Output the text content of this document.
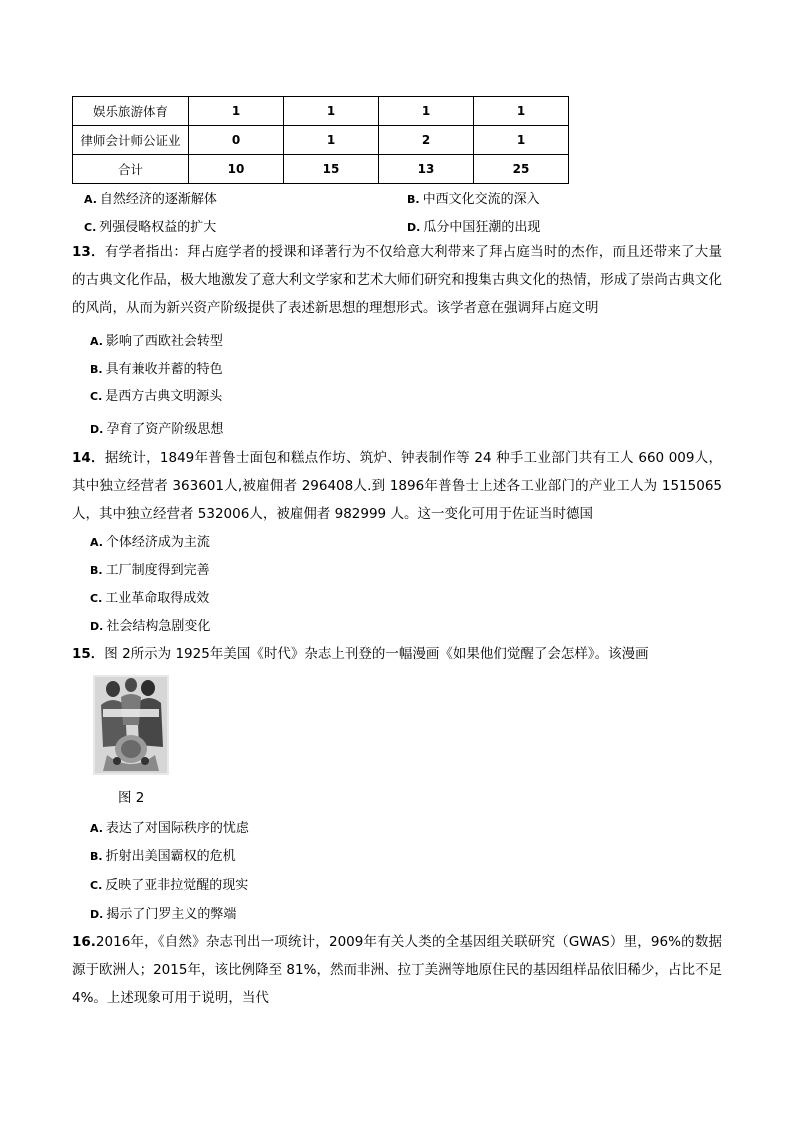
娱乐旅游体育	1	1	1	1
律师会计师公证业	0	1	2	1
合计	10	15	13	25
A. 自然经济的逐渐解体	B. 中西文化交流的深入
C. 列强侵略权益的扩大	D. 瓜分中国狂潮的出现
13．有学者指出：拜占庭学者的授课和译著行为不仅给意大利带来了拜占庭当时的杰作，而且还带来了大量的古典文化作品，极大地激发了意大利文学家和艺术大师们研究和搜集古典文化的热情，形成了崇尚古典文化的风尚，从而为新兴资产阶级提供了表述新思想的理想形式。该学者意在强调拜占庭文明
A. 影响了西欧社会转型
B. 具有兼收并蓄的特色
C. 是西方古典文明源头
D. 孕育了资产阶级思想
14．据统计，1849年普鲁士面包和糕点作坊、筑炉、钟表制作等 24 种手工业部门共有工人 660 009人，其中独立经营者 363601人,被雇佣者 296408人.到 1896年普鲁士上述各工业部门的产业工人为 1515065人，其中独立经营者 532006人，被雇佣者 982999 人。这一变化可用于佐证当时德国
A. 个体经济成为主流
B. 工厂制度得到完善
C. 工业革命取得成效
D. 社会结构急剧变化
15．图 2所示为 1925年美国《时代》杂志上刊登的一幅漫画《如果他们觉醒了会怎样》。该漫画
图 2
A. 表达了对国际秩序的忧虑
B. 折射出美国霸权的危机
C. 反映了亚非拉觉醒的现实
D. 揭示了门罗主义的弊端
16.2016年，《自然》杂志刊出一项统计，2009年有关人类的全基因组关联研究（GWAS）里，96%的数据源于欧洲人；2015年，该比例降至 81%，然而非洲、拉丁美洲等地原住民的基因组样品依旧稀少，占比不足 4%。上述现象可用于说明，当代
